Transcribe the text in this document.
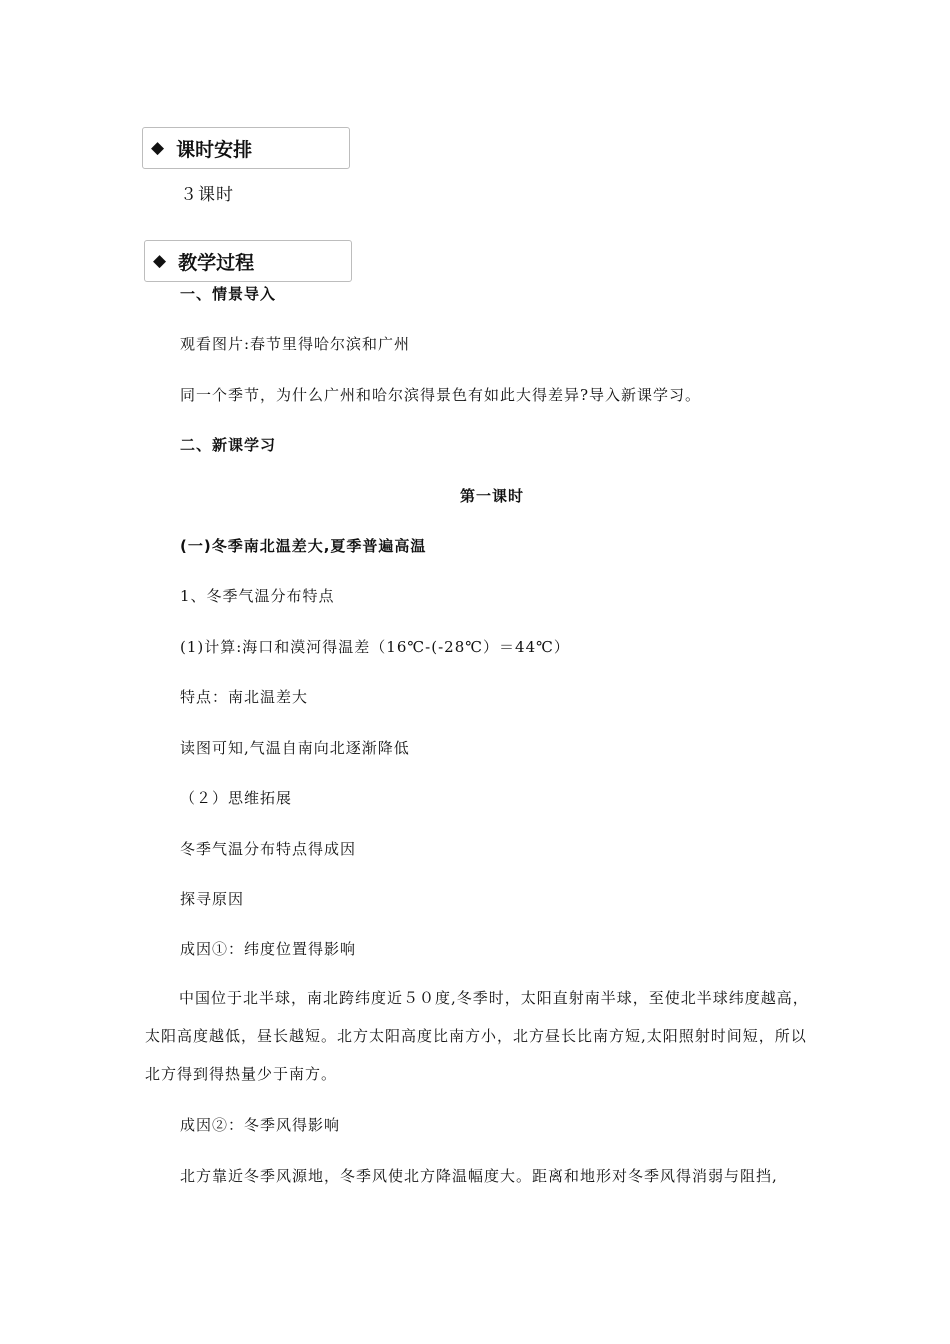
◆ 课时安排
３课时
◆ 教学过程
一、情景导入
观看图片:春节里得哈尔滨和广州
同一个季节，为什么广州和哈尔滨得景色有如此大得差异?导入新课学习。
二、新课学习
第一课时
(一)冬季南北温差大,夏季普遍高温
1、冬季气温分布特点
(1)计算:海口和漠河得温差（16℃-(-28℃）＝44℃）
特点：南北温差大
读图可知,气温自南向北逐渐降低
（２）思维拓展
冬季气温分布特点得成因
探寻原因
成因①：纬度位置得影响
中国位于北半球，南北跨纬度近５０度,冬季时，太阳直射南半球，至使北半球纬度越高，太阳高度越低，昼长越短。北方太阳高度比南方小，北方昼长比南方短,太阳照射时间短，所以北方得到得热量少于南方。
成因②：冬季风得影响
北方靠近冬季风源地，冬季风使北方降温幅度大。距离和地形对冬季风得消弱与阻挡,
